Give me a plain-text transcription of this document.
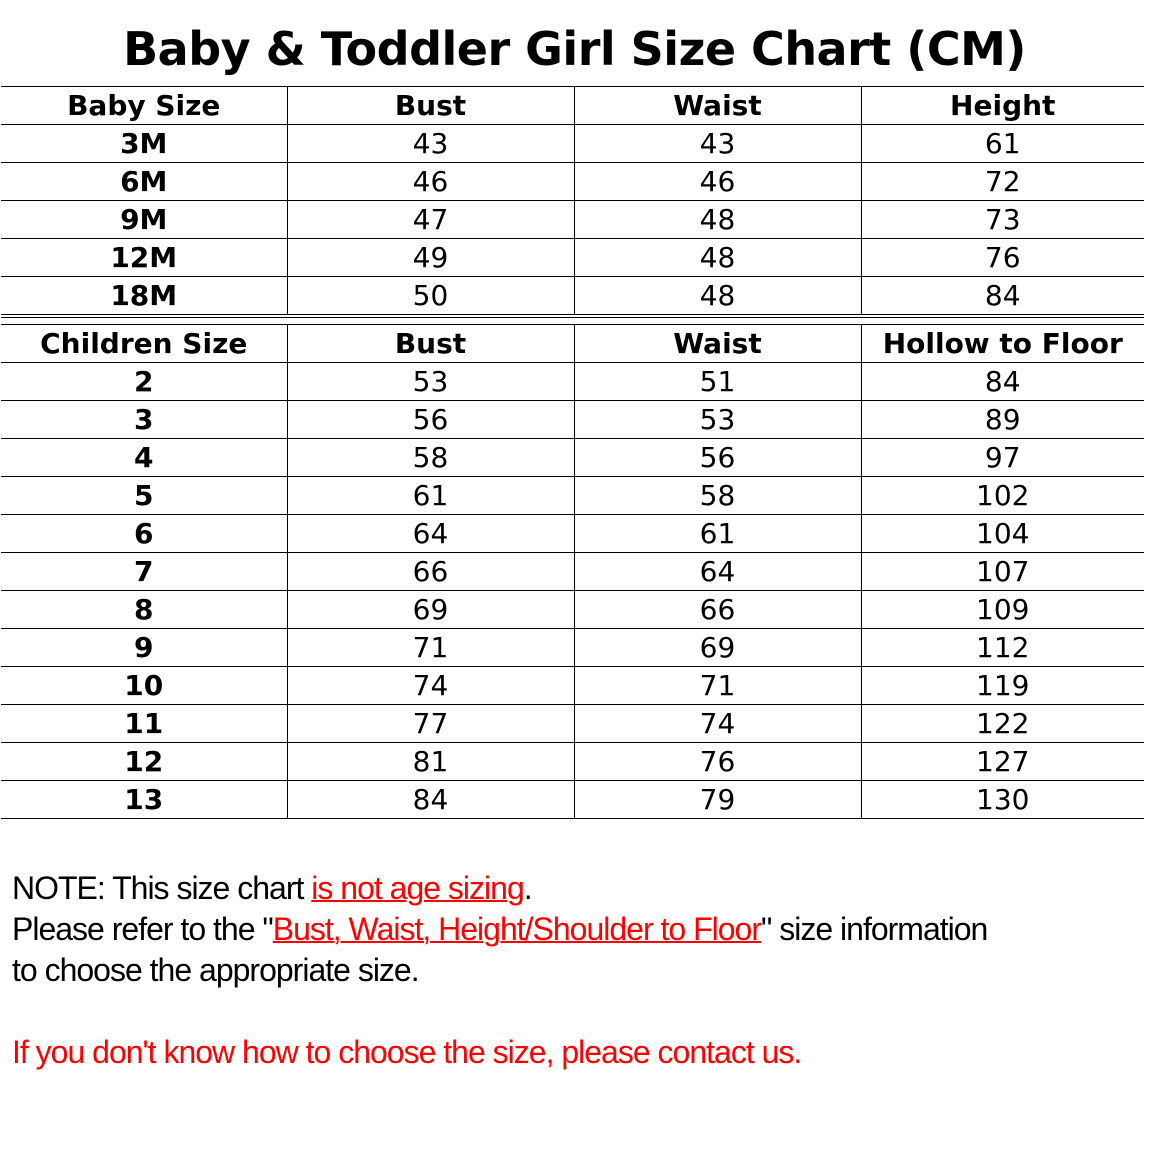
Baby & Toddler Girl Size Chart (CM)
Baby Size	Bust	Waist	Height
3M	43	43	61
6M	46	46	72
9M	47	48	73
12M	49	48	76
18M	50	48	84
Children Size	Bust	Waist	Hollow to Floor
2	53	51	84
3	56	53	89
4	58	56	97
5	61	58	102
6	64	61	104
7	66	64	107
8	69	66	109
9	71	69	112
10	74	71	119
11	77	74	122
12	81	76	127
13	84	79	130
NOTE: This size chart is not age sizing.
Please refer to the "Bust, Waist, Height/Shoulder to Floor" size information
to choose the appropriate size.
If you don't know how to choose the size, please contact us.
